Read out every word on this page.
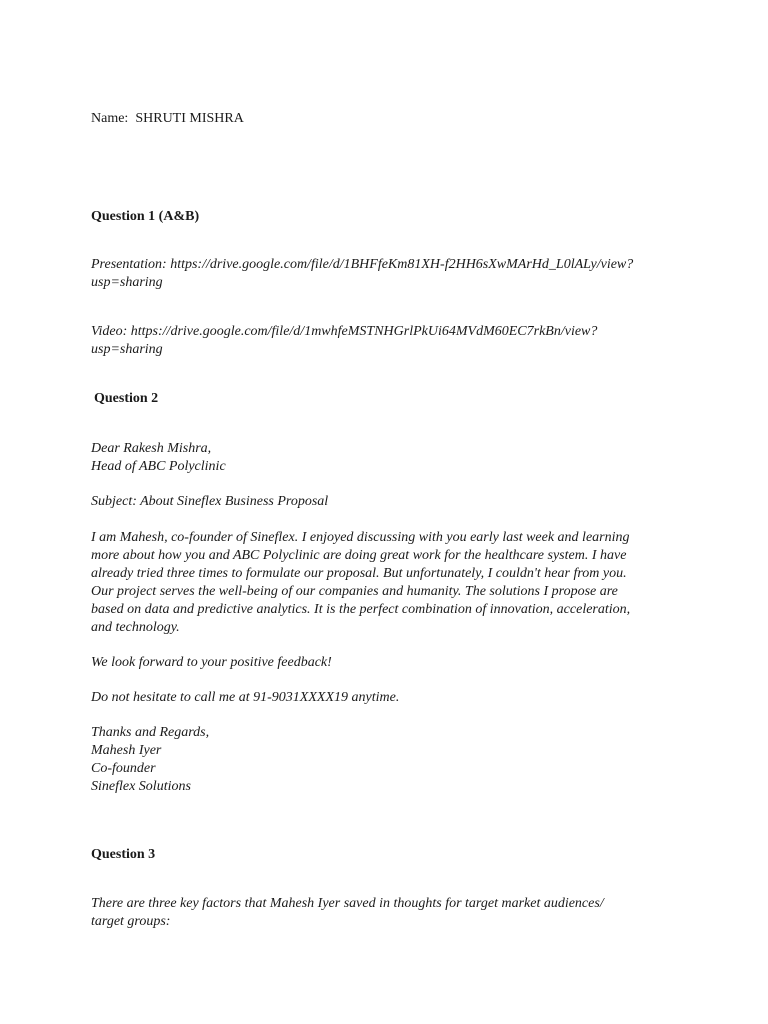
Name: SHRUTI MISHRA

Question 1 (A&B)

Presentation: https://drive.google.com/file/d/1BHFfeKm81XH-f2HH6sXwMArHd_L0lALy/view?
usp=sharing

Video: https://drive.google.com/file/d/1mwhfeMSTNHGrlPkUi64MVdM60EC7rkBn/view?
usp=sharing

Question 2

Dear Rakesh Mishra,
Head of ABC Polyclinic

Subject: About Sineflex Business Proposal

I am Mahesh, co-founder of Sineflex. I enjoyed discussing with you early last week and learning
more about how you and ABC Polyclinic are doing great work for the healthcare system. I have
already tried three times to formulate our proposal. But unfortunately, I couldn't hear from you.
Our project serves the well-being of our companies and humanity. The solutions I propose are
based on data and predictive analytics. It is the perfect combination of innovation, acceleration,
and technology.

We look forward to your positive feedback!

Do not hesitate to call me at 91-9031XXXX19 anytime.

Thanks and Regards,
Mahesh Iyer
Co-founder
Sineflex Solutions

Question 3

There are three key factors that Mahesh Iyer saved in thoughts for target market audiences/
target groups:
